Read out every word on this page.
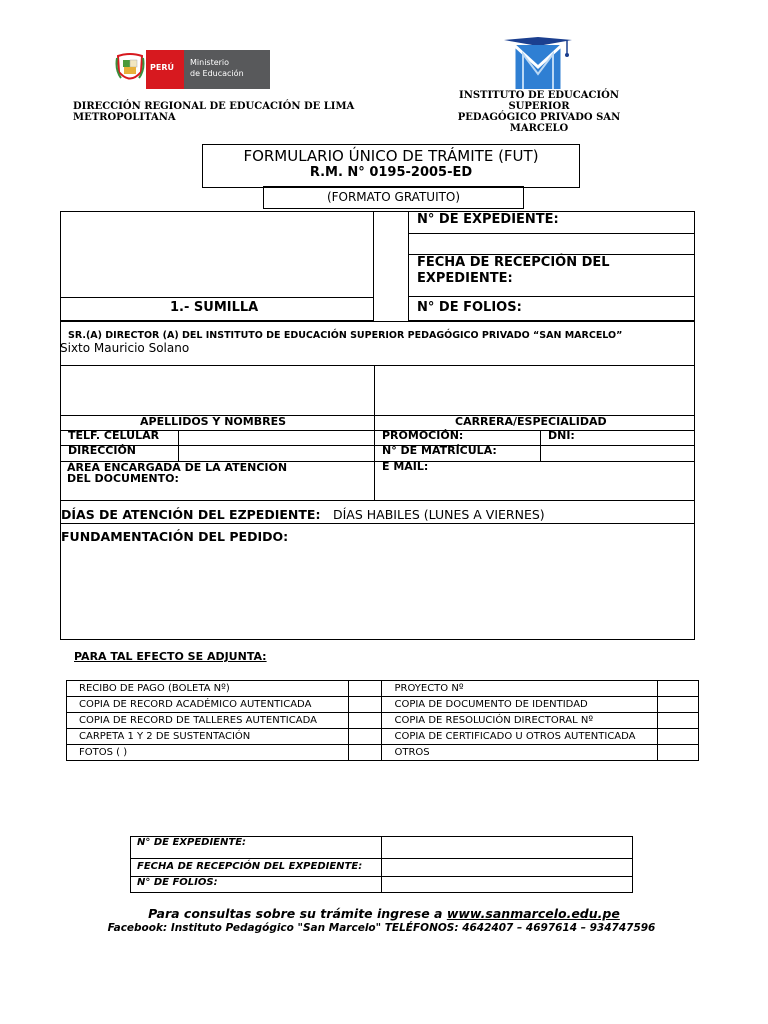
PERÚ
Ministerio
de Educación
DIRECCIÓN REGIONAL DE EDUCACIÓN DE LIMA
METROPOLITANA
INSTITUTO DE EDUCACIÓN SUPERIOR
PEDAGÓGICO PRIVADO SAN MARCELO
FORMULARIO ÚNICO DE TRÁMITE (FUT)
R.M. N° 0195-2005-ED
(FORMATO GRATUITO)
1.- SUMILLA
N° DE EXPEDIENTE:
FECHA DE RECEPCIÓN DEL
EXPEDIENTE:
N° DE FOLIOS:
SR.(A) DIRECTOR (A) DEL INSTITUTO DE EDUCACIÓN SUPERIOR PEDAGÓGICO PRIVADO “SAN MARCELO”
Sixto Mauricio Solano
APELLIDOS Y NOMBRES	CARRERA/ESPECIALIDAD
TELF. CELULAR	PROMOCIÓN:	DNI:
DIRECCIÓN	N° DE MATRÍCULA:
ÁREA ENCARGADA DE LA ATENCIÓN
DEL DOCUMENTO:
E MAIL:
DÍAS DE ATENCIÓN DEL EZPEDIENTE: DÍAS HABILES (LUNES A VIERNES)
FUNDAMENTACIÓN DEL PEDIDO:
PARA TAL EFECTO SE ADJUNTA:
RECIBO DE PAGO (BOLETA Nº)		PROYECTO Nº	
COPIA DE RECORD ACADÉMICO AUTENTICADA		COPIA DE DOCUMENTO DE IDENTIDAD	
COPIA DE RECORD DE TALLERES AUTENTICADA		COPIA DE RESOLUCIÓN DIRECTORAL Nº	
CARPETA 1 Y 2 DE SUSTENTACIÓN		COPIA DE CERTIFICADO U OTROS AUTENTICADA	
FOTOS ( )		OTROS	
N° DE EXPEDIENTE:	
FECHA DE RECEPCIÓN DEL EXPEDIENTE:	
N° DE FOLIOS:	
Para consultas sobre su trámite ingrese a www.sanmarcelo.edu.pe
Facebook: Instituto Pedagógico "San Marcelo" TELÉFONOS: 4642407 – 4697614 – 934747596
